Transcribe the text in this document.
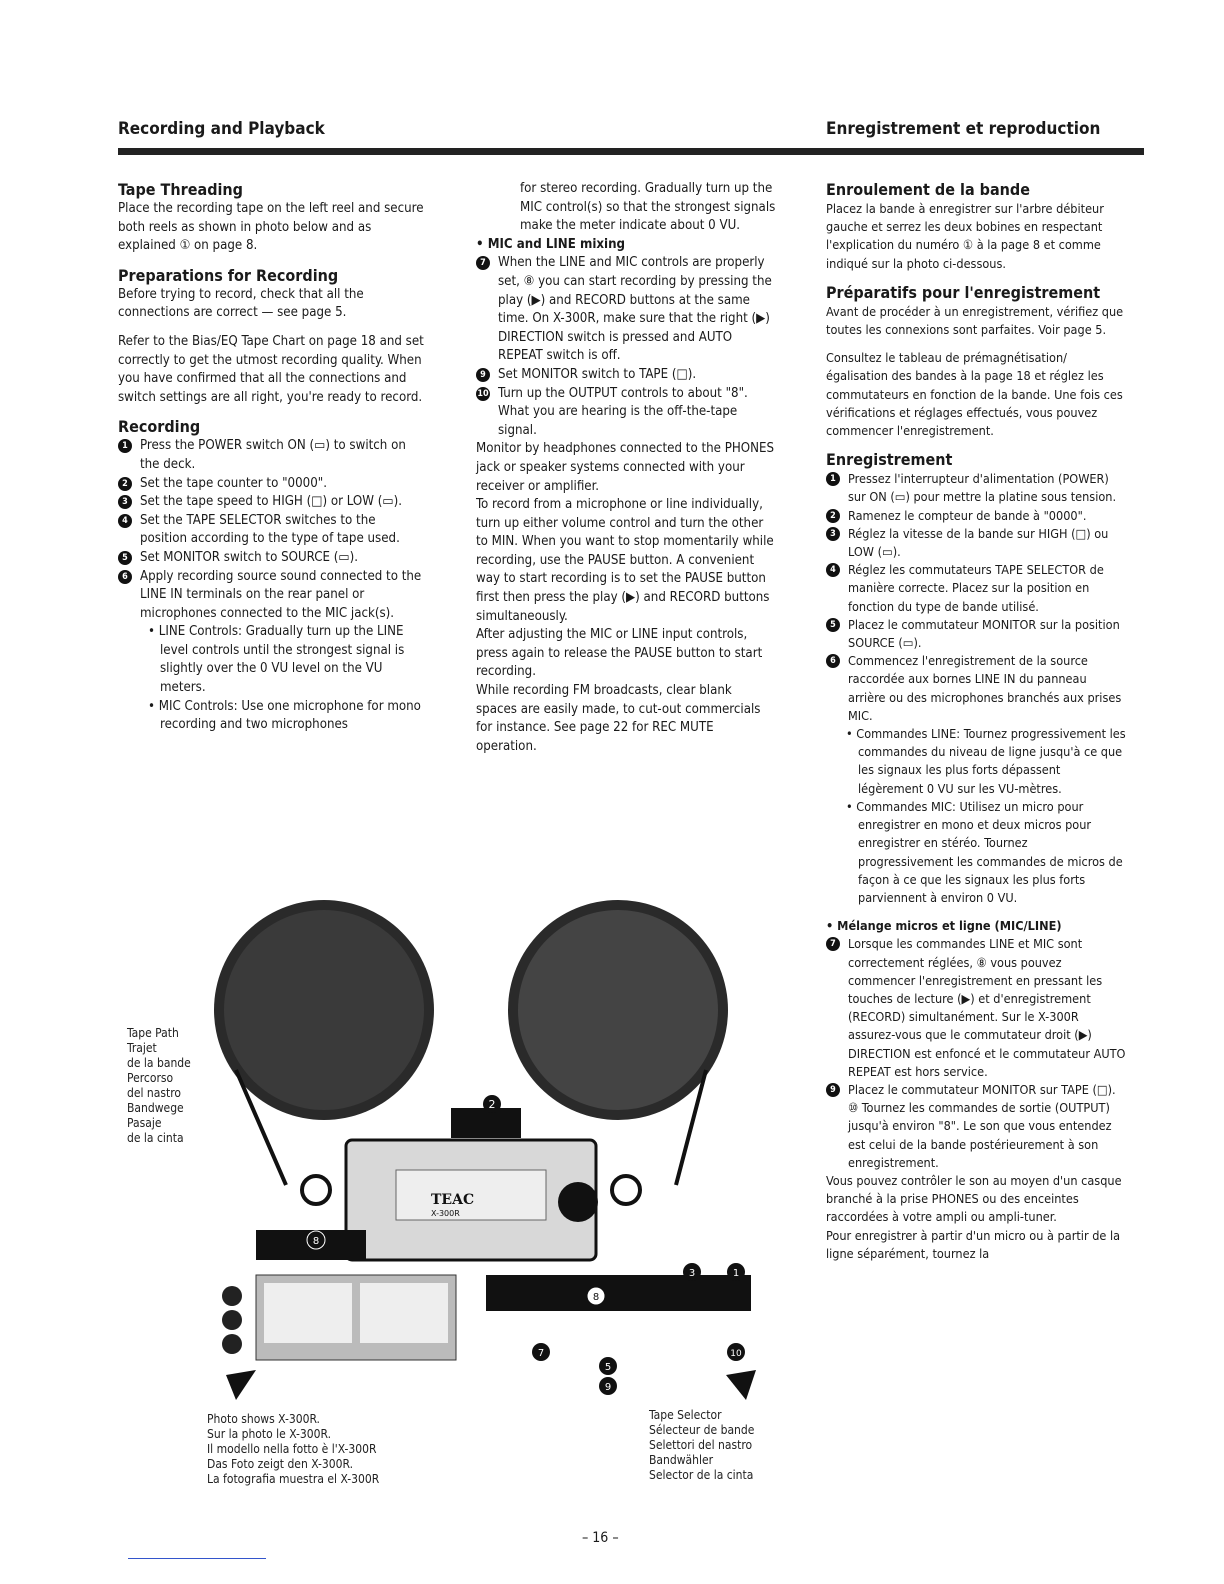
Recording and Playback	Enregistrement et reproduction
Tape Threading

Place the recording tape on the left reel and secure both reels as shown in photo below and as explained ① on page 8.

Preparations for Recording

Before trying to record, check that all the connections are correct — see page 5.

Refer to the Bias/EQ Tape Chart on page 18 and set correctly to get the utmost recording quality. When you have confirmed that all the connections and switch settings are all right, you're ready to record.

Recording
1 Press the POWER switch ON (▭) to switch on the deck.
2 Set the tape counter to "0000".
3 Set the tape speed to HIGH (□) or LOW (▭).
4 Set the TAPE SELECTOR switches to the position according to the type of tape used.
5 Set MONITOR switch to SOURCE (▭).
6 Apply recording source sound connected to the LINE IN terminals on the rear panel or microphones connected to the MIC jack(s).

• LINE Controls: Gradually turn up the LINE level controls until the strongest signal is slightly over the 0 VU level on the VU meters.

• MIC Controls: Use one microphone for mono recording and two microphones

for stereo recording. Gradually turn up the MIC control(s) so that the strongest signals make the meter indicate about 0 VU.

• MIC and LINE mixing

7 When the LINE and MIC controls are properly set, ⑧ you can start recording by pressing the play (▶) and RECORD buttons at the same time. On X-300R, make sure that the right (▶) DIRECTION switch is pressed and AUTO REPEAT switch is off.
9 Set MONITOR switch to TAPE (□).
10 Turn up the OUTPUT controls to about "8". What you are hearing is the off-the-tape signal.

Monitor by headphones connected to the PHONES jack or speaker systems connected with your receiver or amplifier.

To record from a microphone or line individually, turn up either volume control and turn the other to MIN. When you want to stop momentarily while recording, use the PAUSE button. A convenient way to start recording is to set the PAUSE button first then press the play (▶) and RECORD buttons simultaneously.

After adjusting the MIC or LINE input controls, press again to release the PAUSE button to start recording.

While recording FM broadcasts, clear blank spaces are easily made, to cut-out commercials for instance. See page 22 for REC MUTE operation.

Enroulement de la bande

Placez la bande à enregistrer sur l'arbre débiteur gauche et serrez les deux bobines en respectant l'explication du numéro ① à la page 8 et comme indiqué sur la photo ci-dessous.

Préparatifs pour l'enregistrement

Avant de procéder à un enregistrement, vérifiez que toutes les connexions sont parfaites. Voir page 5.

Consultez le tableau de prémagnétisation/égalisation des bandes à la page 18 et réglez les commutateurs en fonction de la bande. Une fois ces vérifications et réglages effectués, vous pouvez commencer l'enregistrement.

Enregistrement
1 Pressez l'interrupteur d'alimentation (POWER) sur ON (▭) pour mettre la platine sous tension.
2 Ramenez le compteur de bande à "0000".
3 Réglez la vitesse de la bande sur HIGH (□) ou LOW (▭).
4 Réglez les commutateurs TAPE SELECTOR de manière correcte. Placez sur la position en fonction du type de bande utilisé.
5 Placez le commutateur MONITOR sur la position SOURCE (▭).
6 Commencez l'enregistrement de la source raccordée aux bornes LINE IN du panneau arrière ou des microphones branchés aux prises MIC.

• Commandes LINE: Tournez progressivement les commandes du niveau de ligne jusqu'à ce que les signaux les plus forts dépassent légèrement 0 VU sur les VU-mètres.

• Commandes MIC: Utilisez un micro pour enregistrer en mono et deux micros pour enregistrer en stéréo. Tournez progressivement les commandes de micros de façon à ce que les signaux les plus forts parviennent à environ 0 VU.

• Mélange micros et ligne (MIC/LINE)

7 Lorsque les commandes LINE et MIC sont correctement réglées, ⑧ vous pouvez commencer l'enregistrement en pressant les touches de lecture (▶) et d'enregistrement (RECORD) simultanément. Sur le X-300R assurez-vous que le commutateur droit (▶) DIRECTION est enfoncé et le commutateur AUTO REPEAT est hors service.
9 Placez le commutateur MONITOR sur TAPE (□). ⑩ Tournez les commandes de sortie (OUTPUT) jusqu'à environ "8". Le son que vous entendez est celui de la bande postérieurement à son enregistrement.

Vous pouvez contrôler le son au moyen d'un casque branché à la prise PHONES ou des enceintes raccordées à votre ampli ou ampli-tuner.

Pour enregistrer à partir d'un micro ou à partir de la ligne séparément, tournez la

2
TEAC
X-300R
8
3	1
8
7	10
5
9
Tape Path
Trajet
de la bande
Percorso
del nastro
Bandwege
Pasaje
de la cinta
Photo shows X-300R.
Sur la photo le X-300R.
Il modello nella fotto è l'X-300R
Das Foto zeigt den X-300R.
La fotografia muestra el X-300R
Tape Selector
Sélecteur de bande
Selettori del nastro
Bandwähler
Selector de la cinta
– 16 –
